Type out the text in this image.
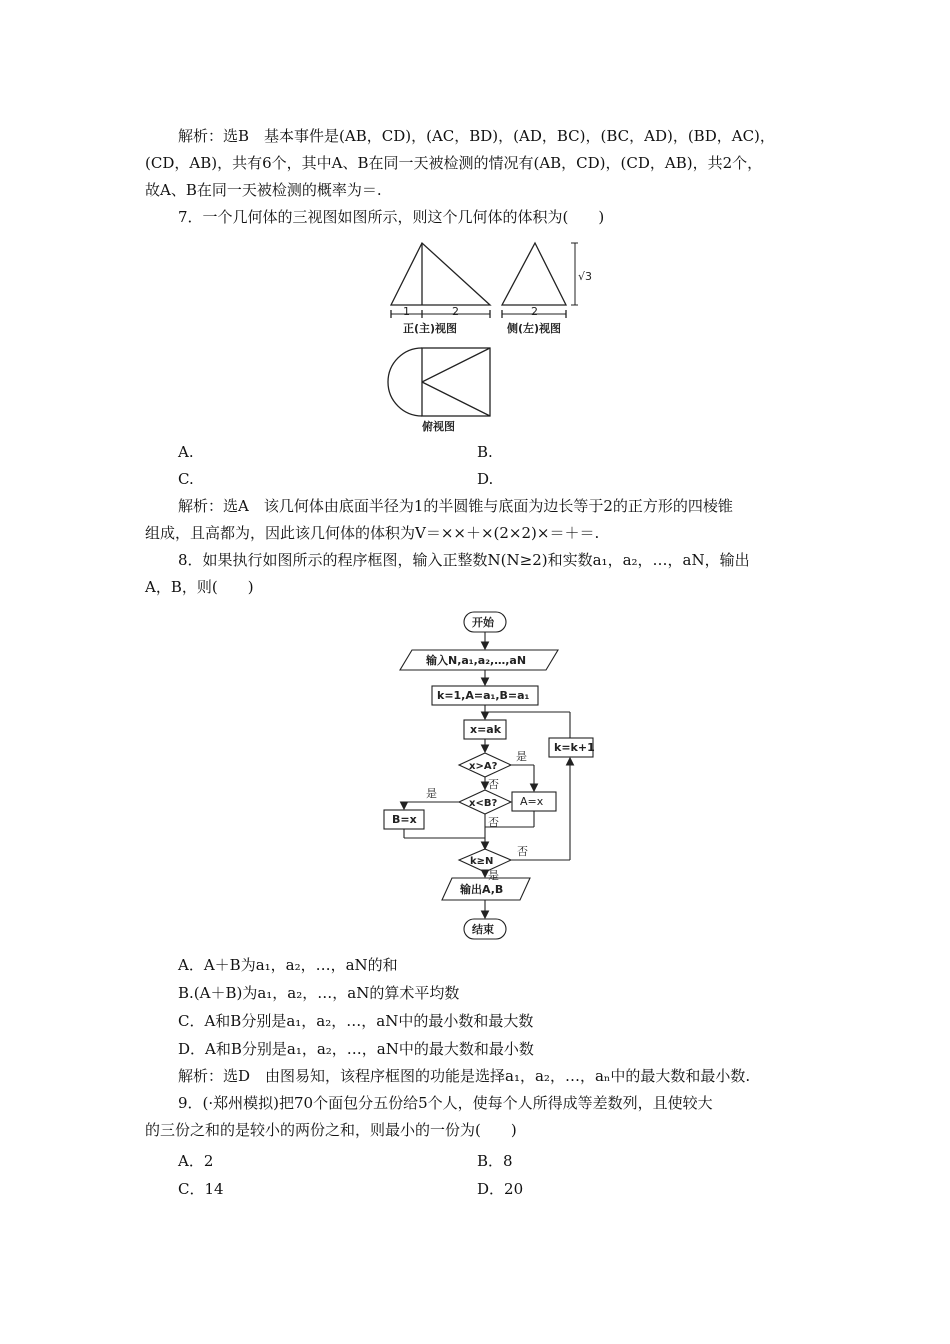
解析：选B　基本事件是(AB，CD)，(AC，BD)，(AD，BC)，(BC，AD)，(BD，AC)，
(CD，AB)，共有6个，其中A、B在同一天被检测的情况有(AB，CD)，(CD，AB)，共2个，
故A、B在同一天被检测的概率为＝.
7．一个几何体的三视图如图所示，则这个几何体的体积为(　　)
1	2
正(主)视图
2
√3
侧(左)视图
俯视图
A.	B.
C.	D.
解析：选A　该几何体由底面半径为1的半圆锥与底面为边长等于2的正方形的四棱锥
组成，且高都为，因此该几何体的体积为V＝××＋×(2×2)×＝＋＝.
8．如果执行如图所示的程序框图，输入正整数N(N≥2)和实数a₁，a₂，…，aN，输出
A，B，则(　　)
开始
输入N,a₁,a₂,…,aN
k=1,A=a₁,B=a₁
x=ak
x>A?
x<B? A=x
B=x
k≥N
k=k+1
输出A,B
结束
是
否
是
否
否
是
A．A＋B为a₁，a₂，…，aN的和
B.(A＋B)为a₁，a₂，…，aN的算术平均数
C．A和B分别是a₁，a₂，…，aN中的最小数和最大数
D．A和B分别是a₁，a₂，…，aN中的最大数和最小数
解析：选D　由图易知，该程序框图的功能是选择a₁，a₂，…，aₙ中的最大数和最小数.
9．(·郑州模拟)把70个面包分五份给5个人，使每个人所得成等差数列，且使较大
的三份之和的是较小的两份之和，则最小的一份为(　　)
A．2	B．8
C．14	D．20
